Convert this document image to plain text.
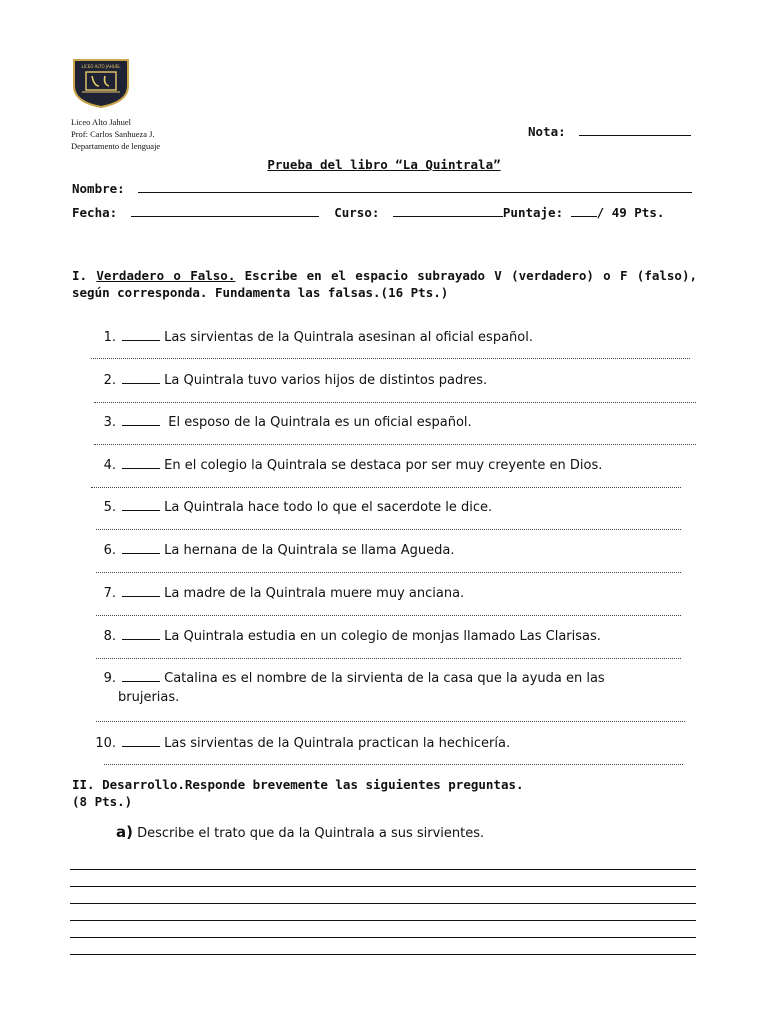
LICEO ALTO JAHUEL
Liceo Alto Jahuel
Prof: Carlos Sanhueza J.
Departamento de lenguaje
Nota:
Prueba del libro “La Quintrala”
Nombre:
Fecha:	Curso:	Puntaje:	/ 49 Pts.
I. Verdadero o Falso. Escribe en el espacio subrayado V (verdadero) o F (falso), según corresponda. Fundamenta las falsas.(16 Pts.)
1.	Las sirvientas de la Quintrala asesinan al oficial español.
2.	La Quintrala tuvo varios hijos de distintos padres.
3.	El esposo de la Quintrala es un oficial español.
4.	En el colegio la Quintrala se destaca por ser muy creyente en Dios.
5.	La Quintrala hace todo lo que el sacerdote le dice.
6.	La hernana de la Quintrala se llama Agueda.
7.	La madre de la Quintrala muere muy anciana.
8.	La Quintrala estudia en un colegio de monjas llamado Las Clarisas.
9.	Catalina es el nombre de la sirvienta de la casa que la ayuda en las
brujerias.
10.	Las sirvientas de la Quintrala practican la hechicería.
II. Desarrollo.Responde brevemente las siguientes preguntas.
(8 Pts.)
a) Describe el trato que da la Quintrala a sus sirvientes.
